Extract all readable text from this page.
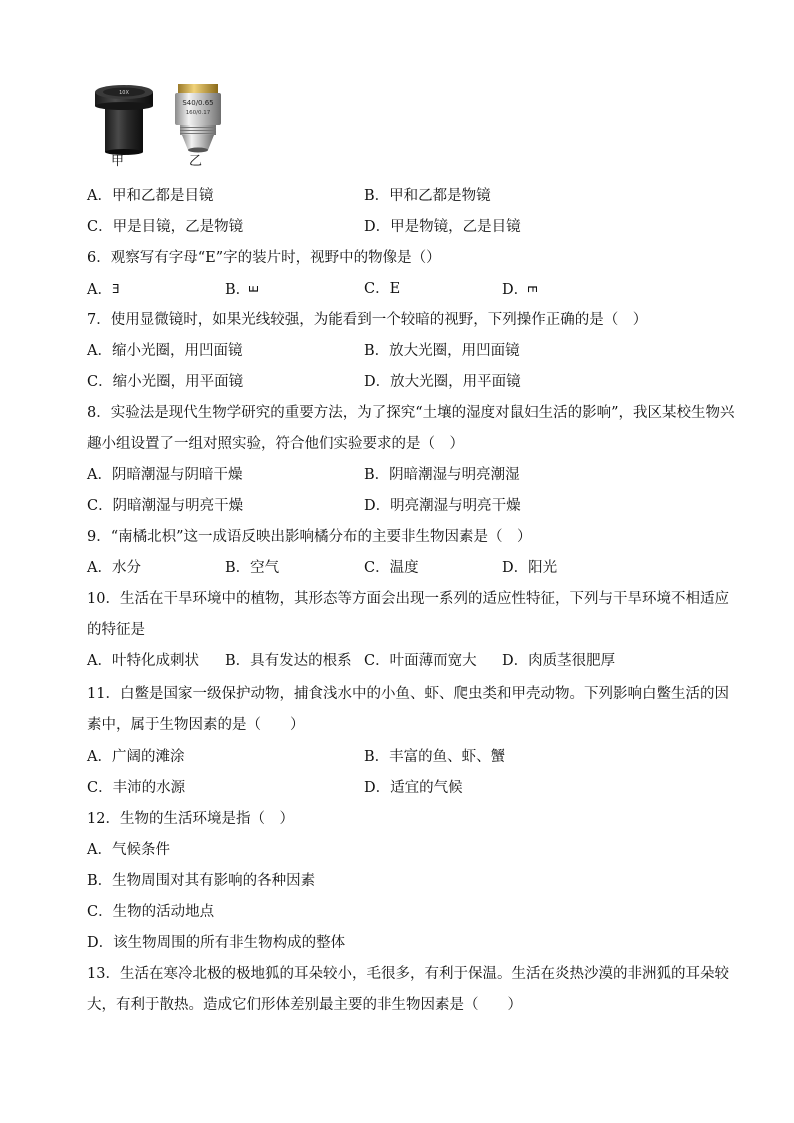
10X
甲
S40/0.65
160/0.17
乙
A．甲和乙都是目镜	B．甲和乙都是物镜
C．甲是目镜，乙是物镜	D．甲是物镜，乙是目镜
6．观察写有字母“E”字的装片时，视野中的物像是（）
A．E	B．E	C．E	D．E
7．使用显微镜时，如果光线较强，为能看到一个较暗的视野，下列操作正确的是（　）
A．缩小光圈，用凹面镜	B．放大光圈，用凹面镜
C．缩小光圈，用平面镜	D．放大光圈，用平面镜
8．实验法是现代生物学研究的重要方法，为了探究“土壤的湿度对鼠妇生活的影响”，我区某校生物兴
趣小组设置了一组对照实验，符合他们实验要求的是（　）
A．阴暗潮湿与阴暗干燥	B．阴暗潮湿与明亮潮湿
C．阴暗潮湿与明亮干燥	D．明亮潮湿与明亮干燥
9．“南橘北枳”这一成语反映出影响橘分布的主要非生物因素是（　）
A．水分	B．空气	C．温度	D．阳光
10．生活在干旱环境中的植物，其形态等方面会出现一系列的适应性特征，下列与干旱环境不相适应
的特征是
A．叶特化成刺状 B．具有发达的根系 C．叶面薄而宽大 D．肉质茎很肥厚
11．白鳖是国家一级保护动物，捕食浅水中的小鱼、虾、爬虫类和甲壳动物。下列影响白鳖生活的因
素中，属于生物因素的是（　　）
A．广阔的滩涂	B．丰富的鱼、虾、蟹
C．丰沛的水源	D．适宜的气候
12．生物的生活环境是指（　）
A．气候条件
B．生物周围对其有影响的各种因素
C．生物的活动地点
D．该生物周围的所有非生物构成的整体
13．生活在寒冷北极的极地狐的耳朵较小，毛很多，有利于保温。生活在炎热沙漠的非洲狐的耳朵较
大，有利于散热。造成它们形体差别最主要的非生物因素是（　　）
